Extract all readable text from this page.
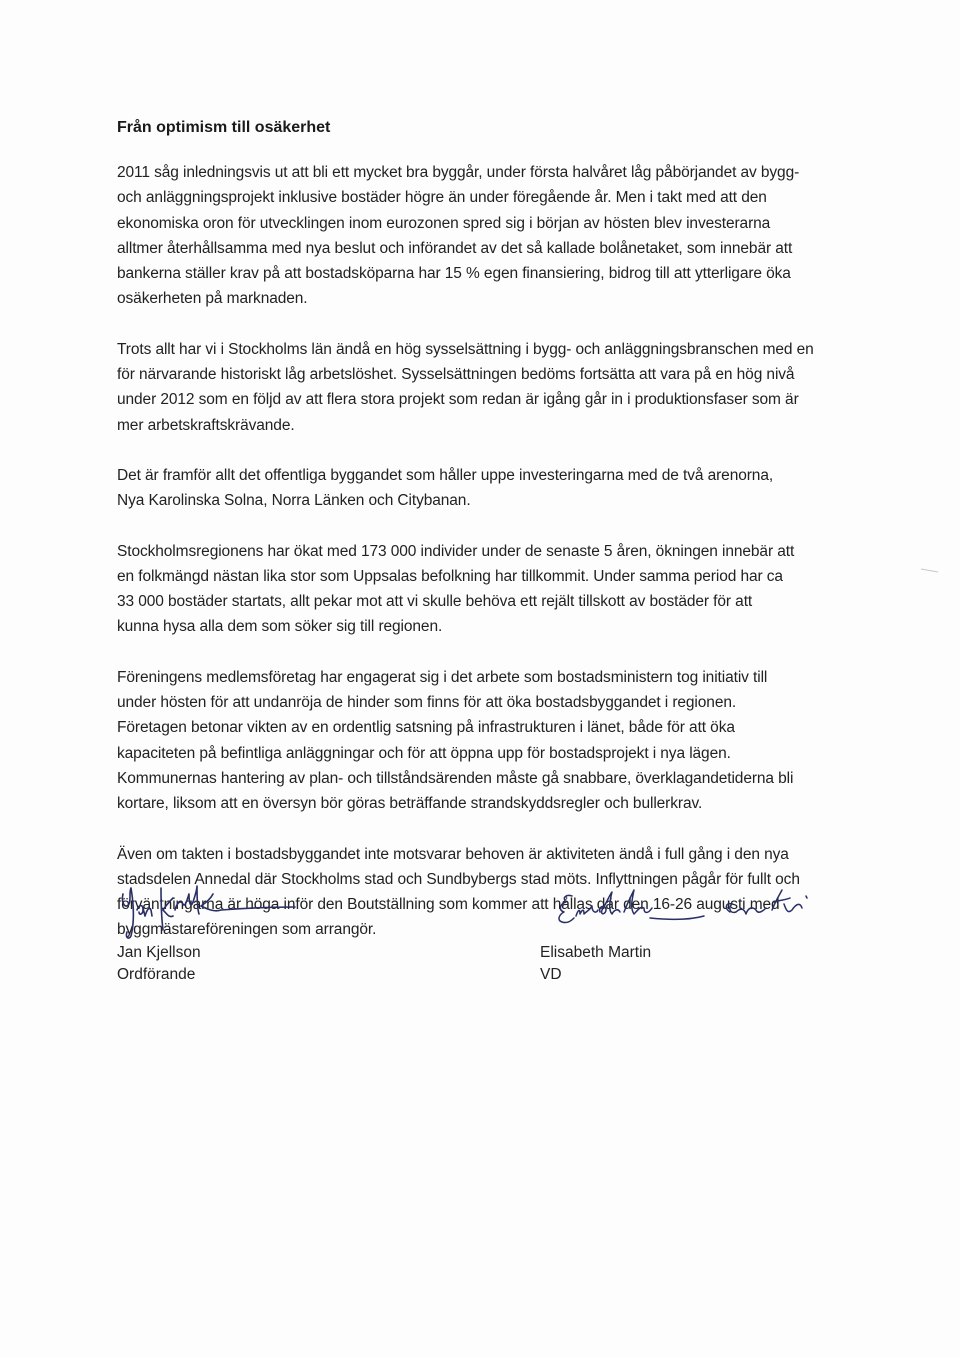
Från optimism till osäkerhet
2011 såg inledningsvis ut att bli ett mycket bra byggår, under första halvåret låg påbörjandet av bygg-
och anläggningsprojekt inklusive bostäder högre än under föregående år. Men i takt med att den
ekonomiska oron för utvecklingen inom eurozonen spred sig i början av hösten blev investerarna
alltmer återhållsamma med nya beslut och införandet av det så kallade bolånetaket, som innebär att
bankerna ställer krav på att bostadsköparna har 15 % egen finansiering, bidrog till att ytterligare öka
osäkerheten på marknaden.
Trots allt har vi i Stockholms län ändå en hög sysselsättning i bygg- och anläggningsbranschen med en
för närvarande historiskt låg arbetslöshet. Sysselsättningen bedöms fortsätta att vara på en hög nivå
under 2012 som en följd av att flera stora projekt som redan är igång går in i produktionsfaser som är
mer arbetskraftskrävande.
Det är framför allt det offentliga byggandet som håller uppe investeringarna med de två arenorna,
Nya Karolinska Solna, Norra Länken och Citybanan.
Stockholmsregionens har ökat med 173 000 individer under de senaste 5 åren, ökningen innebär att
en folkmängd nästan lika stor som Uppsalas befolkning har tillkommit. Under samma period har ca
33 000 bostäder startats, allt pekar mot att vi skulle behöva ett rejält tillskott av bostäder för att
kunna hysa alla dem som söker sig till regionen.
Föreningens medlemsföretag har engagerat sig i det arbete som bostadsministern tog initiativ till
under hösten för att undanröja de hinder som finns för att öka bostadsbyggandet i regionen.
Företagen betonar vikten av en ordentlig satsning på infrastrukturen i länet, både för att öka
kapaciteten på befintliga anläggningar och för att öppna upp för bostadsprojekt i nya lägen.
Kommunernas hantering av plan- och tillståndsärenden måste gå snabbare, överklagandetiderna bli
kortare, liksom att en översyn bör göras beträffande strandskyddsregler och bullerkrav.
Även om takten i bostadsbyggandet inte motsvarar behoven är aktiviteten ändå i full gång i den nya
stadsdelen Annedal där Stockholms stad och Sundbybergs stad möts. Inflyttningen pågår för fullt och
förväntningarna är höga inför den Boutställning som kommer att hållas där den 16-26 augusti med
byggmästareföreningen som arrangör.
Jan Kjellson
Ordförande
Elisabeth Martin
VD
